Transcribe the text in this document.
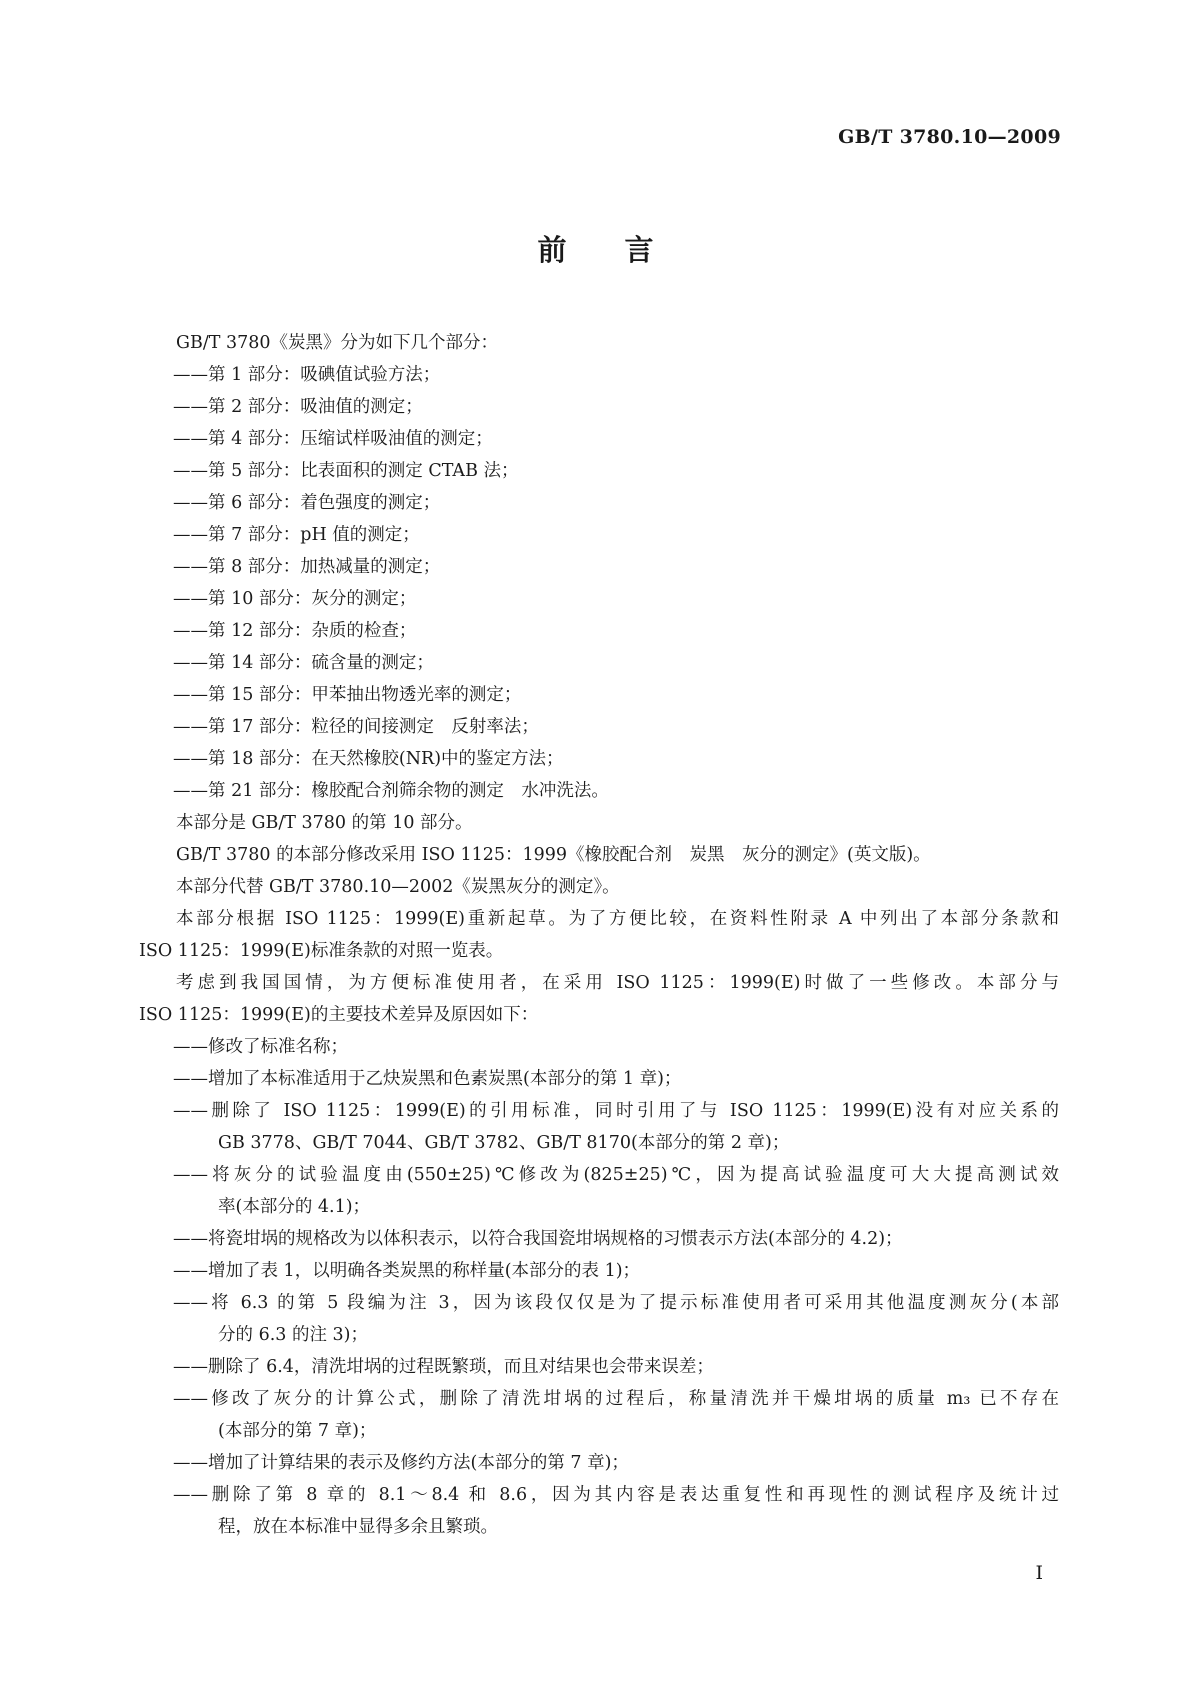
GB/T 3780.10—2009
前 言
GB/T 3780《炭黑》分为如下几个部分：
——第 1 部分：吸碘值试验方法；
——第 2 部分：吸油值的测定；
——第 4 部分：压缩试样吸油值的测定；
——第 5 部分：比表面积的测定 CTAB 法；
——第 6 部分：着色强度的测定；
——第 7 部分：pH 值的测定；
——第 8 部分：加热减量的测定；
——第 10 部分：灰分的测定；
——第 12 部分：杂质的检查；
——第 14 部分：硫含量的测定；
——第 15 部分：甲苯抽出物透光率的测定；
——第 17 部分：粒径的间接测定　反射率法；
——第 18 部分：在天然橡胶(NR)中的鉴定方法；
——第 21 部分：橡胶配合剂筛余物的测定　水冲洗法。
本部分是 GB/T 3780 的第 10 部分。
GB/T 3780 的本部分修改采用 ISO 1125：1999《橡胶配合剂　炭黑　灰分的测定》(英文版)。
本部分代替 GB/T 3780.10—2002《炭黑灰分的测定》。
本部分根据 ISO 1125：1999(E)重新起草。为了方便比较，在资料性附录 A 中列出了本部分条款和
ISO 1125：1999(E)标准条款的对照一览表。
考虑到我国国情，为方便标准使用者，在采用 ISO 1125：1999(E)时做了一些修改。本部分与
ISO 1125：1999(E)的主要技术差异及原因如下：
——修改了标准名称；
——增加了本标准适用于乙炔炭黑和色素炭黑(本部分的第 1 章)；
——删除了 ISO 1125：1999(E)的引用标准，同时引用了与 ISO 1125：1999(E)没有对应关系的
GB 3778、GB/T 7044、GB/T 3782、GB/T 8170(本部分的第 2 章)；
——将灰分的试验温度由(550±25)℃修改为(825±25)℃，因为提高试验温度可大大提高测试效
率(本部分的 4.1)；
——将瓷坩埚的规格改为以体积表示，以符合我国瓷坩埚规格的习惯表示方法(本部分的 4.2)；
——增加了表 1，以明确各类炭黑的称样量(本部分的表 1)；
——将 6.3 的第 5 段编为注 3，因为该段仅仅是为了提示标准使用者可采用其他温度测灰分(本部
分的 6.3 的注 3)；
——删除了 6.4，清洗坩埚的过程既繁琐，而且对结果也会带来误差；
——修改了灰分的计算公式，删除了清洗坩埚的过程后，称量清洗并干燥坩埚的质量 m₃ 已不存在
(本部分的第 7 章)；
——增加了计算结果的表示及修约方法(本部分的第 7 章)；
——删除了第 8 章的 8.1～8.4 和 8.6，因为其内容是表达重复性和再现性的测试程序及统计过
程，放在本标准中显得多余且繁琐。
I
